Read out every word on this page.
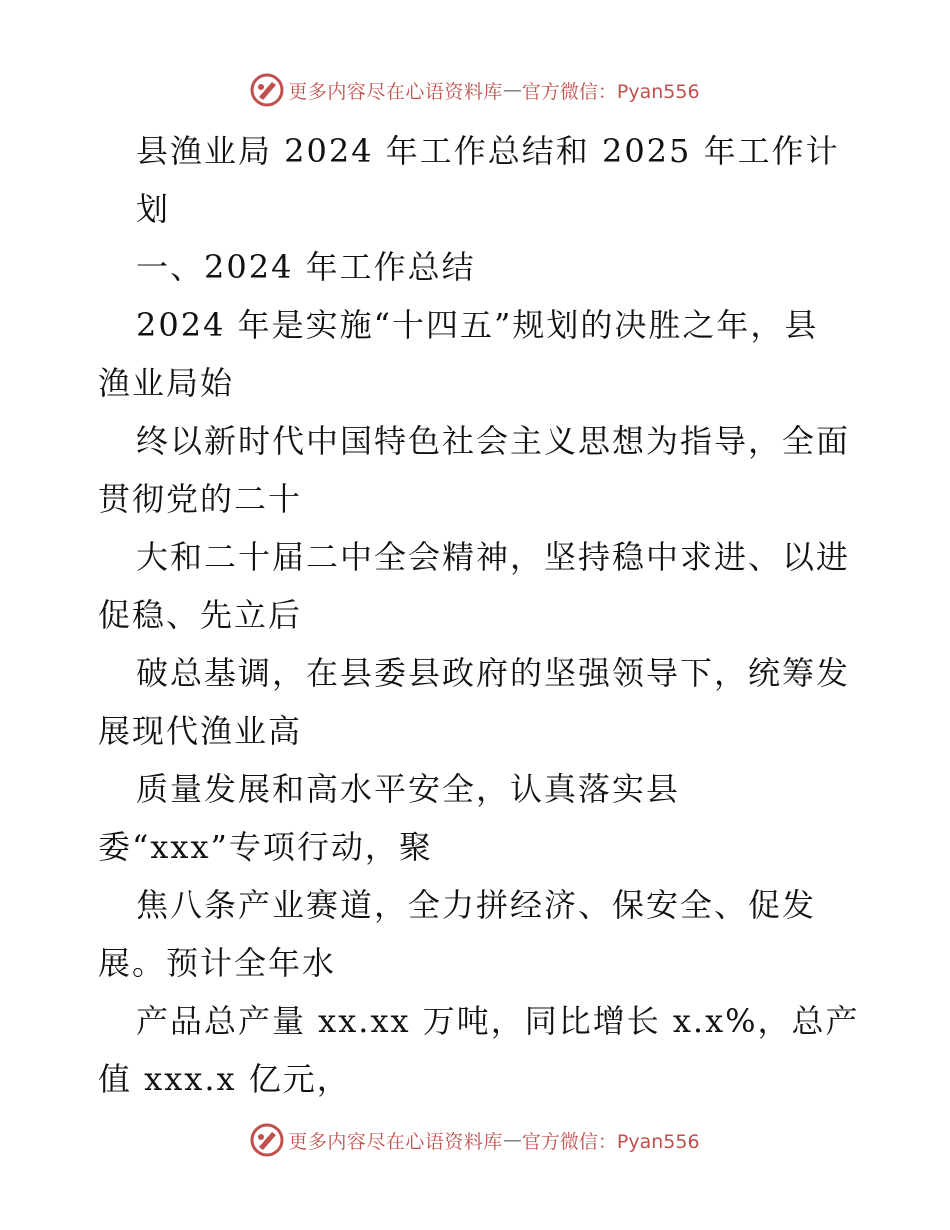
更多内容尽在心语资料库 — 官方微信：Pyan556
县渔业局 2024 年工作总结和 2025 年工作计
划
一、2024 年工作总结
2024 年是实施“十四五”规划的决胜之年，县
渔业局始
终以新时代中国特色社会主义思想为指导，全面
贯彻党的二十
大和二十届二中全会精神，坚持稳中求进、以进
促稳、先立后
破总基调，在县委县政府的坚强领导下，统筹发
展现代渔业高
质量发展和高水平安全，认真落实县
委“xxx”专项行动，聚
焦八条产业赛道，全力拼经济、保安全、促发
展。预计全年水
产品总产量 xx.xx 万吨，同比增长 x.x%，总产
值 xxx.x 亿元，
更多内容尽在心语资料库 — 官方微信：Pyan556
